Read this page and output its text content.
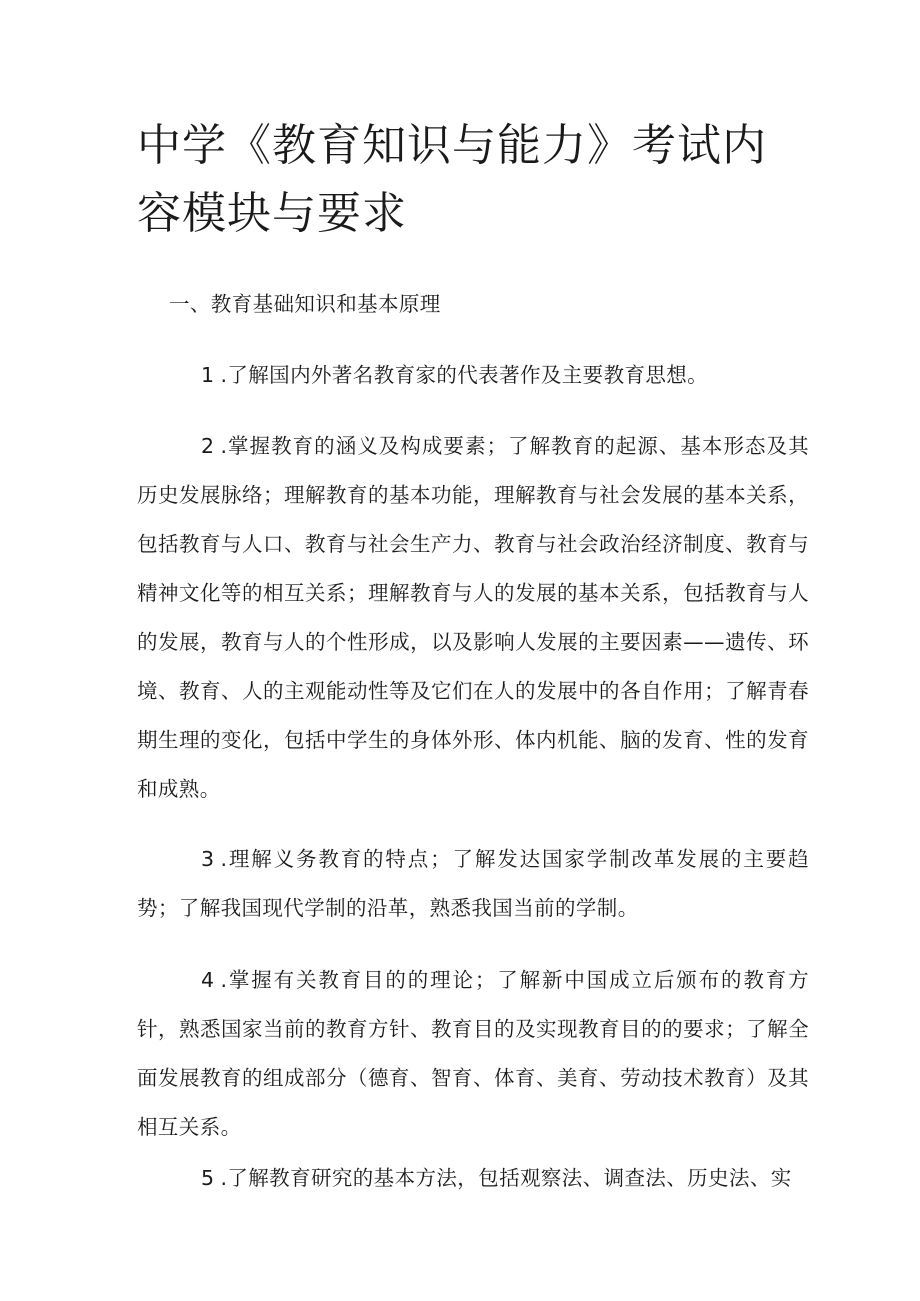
中学《教育知识与能力》考试内容模块与要求

一、教育基础知识和基本原理

1 .了解国内外著名教育家的代表著作及主要教育思想。

2 .掌握教育的涵义及构成要素；了解教育的起源、基本形态及其历史发展脉络；理解教育的基本功能，理解教育与社会发展的基本关系，包括教育与人口、教育与社会生产力、教育与社会政治经济制度、教育与精神文化等的相互关系；理解教育与人的发展的基本关系，包括教育与人的发展，教育与人的个性形成，以及影响人发展的主要因素——遗传、环境、教育、人的主观能动性等及它们在人的发展中的各自作用；了解青春期生理的变化，包括中学生的身体外形、体内机能、脑的发育、性的发育和成熟。

3 .理解义务教育的特点；了解发达国家学制改革发展的主要趋势；了解我国现代学制的沿革，熟悉我国当前的学制。

4 .掌握有关教育目的的理论；了解新中国成立后颁布的教育方针，熟悉国家当前的教育方针、教育目的及实现教育目的的要求；了解全面发展教育的组成部分（德育、智育、体育、美育、劳动技术教育）及其相互关系。

5 .了解教育研究的基本方法，包括观察法、调查法、历史法、实
